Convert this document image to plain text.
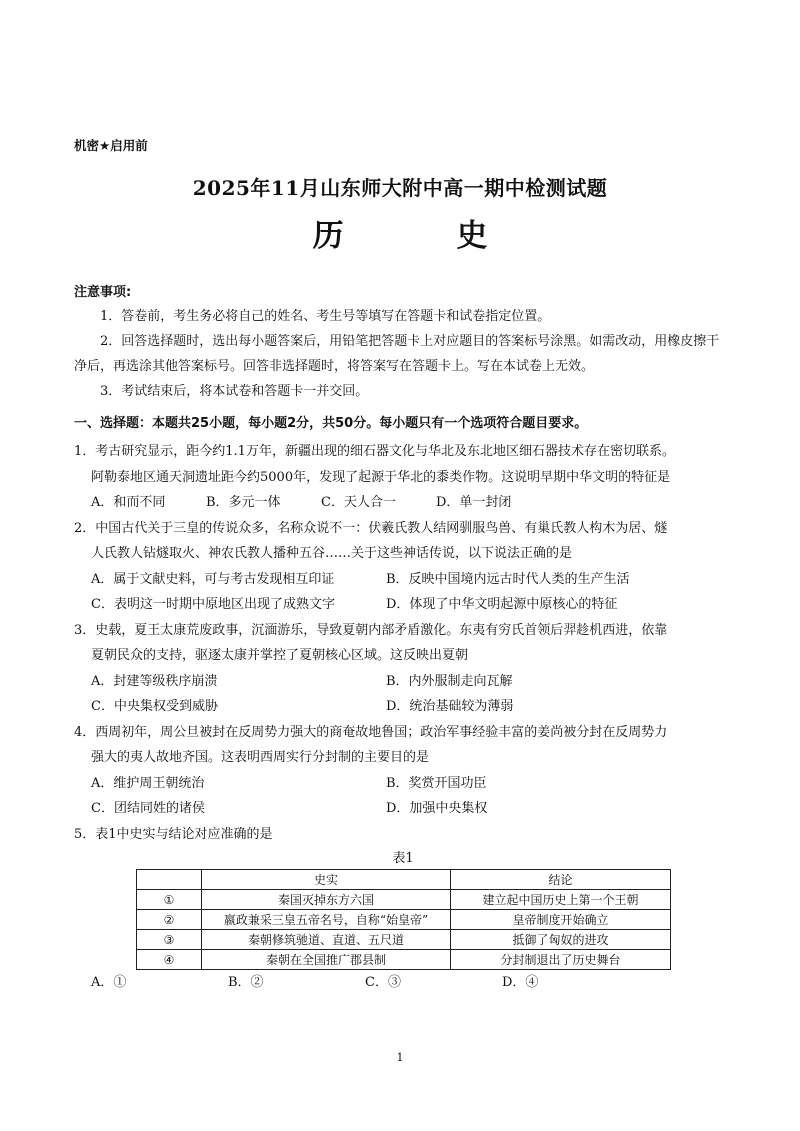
机密★启用前
2025年11月山东师大附中高一期中检测试题
历 史
注意事项:

1．答卷前，考生务必将自己的姓名、考生号等填写在答题卡和试卷指定位置。

2．回答选择题时，选出每小题答案后，用铅笔把答题卡上对应题目的答案标号涂黑。如需改动，用橡皮擦干净后，再选涂其他答案标号。回答非选择题时，将答案写在答题卡上。写在本试卷上无效。

3．考试结束后，将本试卷和答题卡一并交回。

一、选择题：本题共25小题，每小题2分，共50分。每小题只有一个选项符合题目要求。
1．考古研究显示，距今约1.1万年，新疆出现的细石器文化与华北及东北地区细石器技术存在密切联系。
阿勒泰地区通天洞遗址距今约5000年，发现了起源于华北的黍类作物。这说明早期中华文明的特征是
A．和而不同	B．多元一体	C．天人合一	D．单一封闭
2．中国古代关于三皇的传说众多，名称众说不一：伏羲氏教人结网驯服鸟兽、有巢氏教人构木为居、燧
人氏教人钻燧取火、神农氏教人播种五谷……关于这些神话传说，以下说法正确的是
A．属于文献史料，可与考古发现相互印证	B．反映中国境内远古时代人类的生产生活
C．表明这一时期中原地区出现了成熟文字	D．体现了中华文明起源中原核心的特征
3．史载，夏王太康荒废政事，沉湎游乐，导致夏朝内部矛盾激化。东夷有穷氏首领后羿趁机西进，依靠
夏朝民众的支持，驱逐太康并掌控了夏朝核心区域。这反映出夏朝
A．封建等级秩序崩溃	B．内外服制走向瓦解
C．中央集权受到威胁	D．统治基础较为薄弱
4．西周初年，周公旦被封在反周势力强大的商奄故地鲁国；政治军事经验丰富的姜尚被分封在反周势力
强大的夷人故地齐国。这表明西周实行分封制的主要目的是
A．维护周王朝统治	B．奖赏开国功臣
C．团结同姓的诸侯	D．加强中央集权
5．表1中史实与结论对应准确的是
表1
	史实	结论
①	秦国灭掉东方六国	建立起中国历史上第一个王朝
②	嬴政兼采三皇五帝名号，自称“始皇帝”	皇帝制度开始确立
③	秦朝修筑驰道、直道、五尺道	抵御了匈奴的进攻
④	秦朝在全国推广郡县制	分封制退出了历史舞台
A．①	B．②	C．③	D．④
1
